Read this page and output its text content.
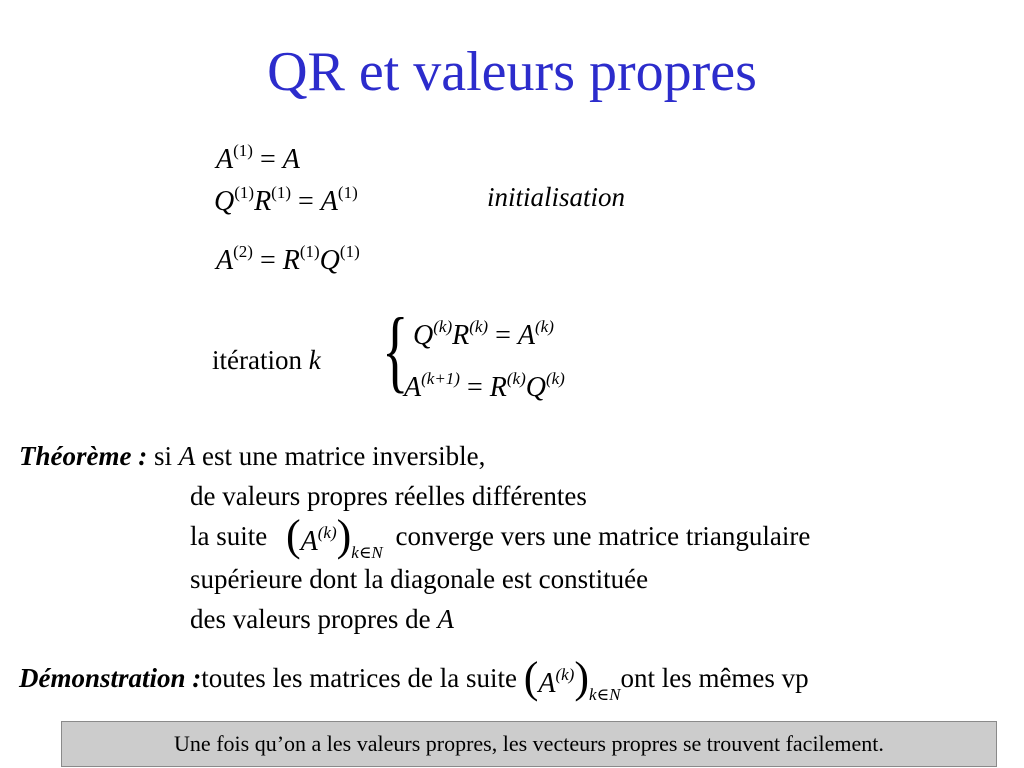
QR et valeurs propres
$A^{(1)} = A$
$Q^{(1)}R^{(1)} = A^{(1)}$	initialisation
$A^{(2)} = R^{(1)}Q^{(1)}$
itération k { $Q^{(k)}R^{(k)} = A^{(k)}$
$A^{(k+1)} = R^{(k)}Q^{(k)}$
Théorème : si A est une matrice inversible,
de valeurs propres réelles différentes
la suite $(A^{(k)})_{k\in N}$ converge vers une matrice triangulaire
supérieure dont la diagonale est constituée
des valeurs propres de A
Démonstration :toutes les matrices de la suite $(A^{(k)})_{k\in N}ont$ les mêmes vp
Une fois qu’on a les valeurs propres, les vecteurs propres se trouvent facilement.
